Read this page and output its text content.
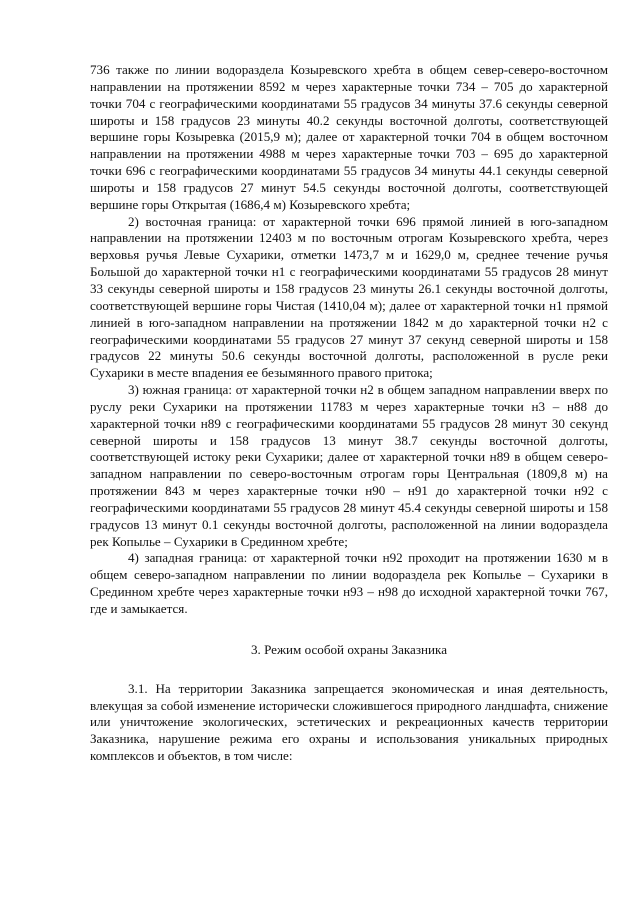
736 также по линии водораздела Козыревского хребта в общем север-северо-восточном направлении на протяжении 8592 м через характерные точки 734 – 705 до характерной точки 704 с географическими координатами 55 градусов 34 минуты 37.6 секунды северной широты и 158 градусов 23 минуты 40.2 секунды восточной долготы, соответствующей вершине горы Козыревка (2015,9 м); далее от характерной точки 704 в общем восточном направлении на протяжении 4988 м через характерные точки 703 – 695 до характерной точки 696 с географическими координатами 55 градусов 34 минуты 44.1 секунды северной широты и 158 градусов 27 минут 54.5 секунды восточной долготы, соответствующей вершине горы Открытая (1686,4 м) Козыревского хребта;

2) восточная граница: от характерной точки 696 прямой линией в юго-западном направлении на протяжении 12403 м по восточным отрогам Козыревского хребта, через верховья ручья Левые Сухарики, отметки 1473,7 м и 1629,0 м, среднее течение ручья Большой до характерной точки н1 с географическими координатами 55 градусов 28 минут 33 секунды северной широты и 158 градусов 23 минуты 26.1 секунды восточной долготы, соответствующей вершине горы Чистая (1410,04 м); далее от характерной точки н1 прямой линией в юго-западном направлении на протяжении 1842 м до характерной точки н2 с географическими координатами 55 градусов 27 минут 37 секунд северной широты и 158 градусов 22 минуты 50.6 секунды восточной долготы, расположенной в русле реки Сухарики в месте впадения ее безымянного правого притока;

3) южная граница: от характерной точки н2 в общем западном направлении вверх по руслу реки Сухарики на протяжении 11783 м через характерные точки н3 – н88 до характерной точки н89 с географическими координатами 55 градусов 28 минут 30 секунд северной широты и 158 градусов 13 минут 38.7 секунды восточной долготы, соответствующей истоку реки Сухарики; далее от характерной точки н89 в общем северо-западном направлении по северо-восточным отрогам горы Центральная (1809,8 м) на протяжении 843 м через характерные точки н90 – н91 до характерной точки н92 с географическими координатами 55 градусов 28 минут 45.4 секунды северной широты и 158 градусов 13 минут 0.1 секунды восточной долготы, расположенной на линии водораздела рек Копылье – Сухарики в Срединном хребте;

4) западная граница: от характерной точки н92 проходит на протяжении 1630 м в общем северо-западном направлении по линии водораздела рек Копылье – Сухарики в Срединном хребте через характерные точки н93 – н98 до исходной характерной точки 767, где и замыкается.

3. Режим особой охраны Заказника

3.1. На территории Заказника запрещается экономическая и иная деятельность, влекущая за собой изменение исторически сложившегося природного ландшафта, снижение или уничтожение экологических, эстетических и рекреационных качеств территории Заказника, нарушение режима его охраны и использования уникальных природных комплексов и объектов, в том числе:
